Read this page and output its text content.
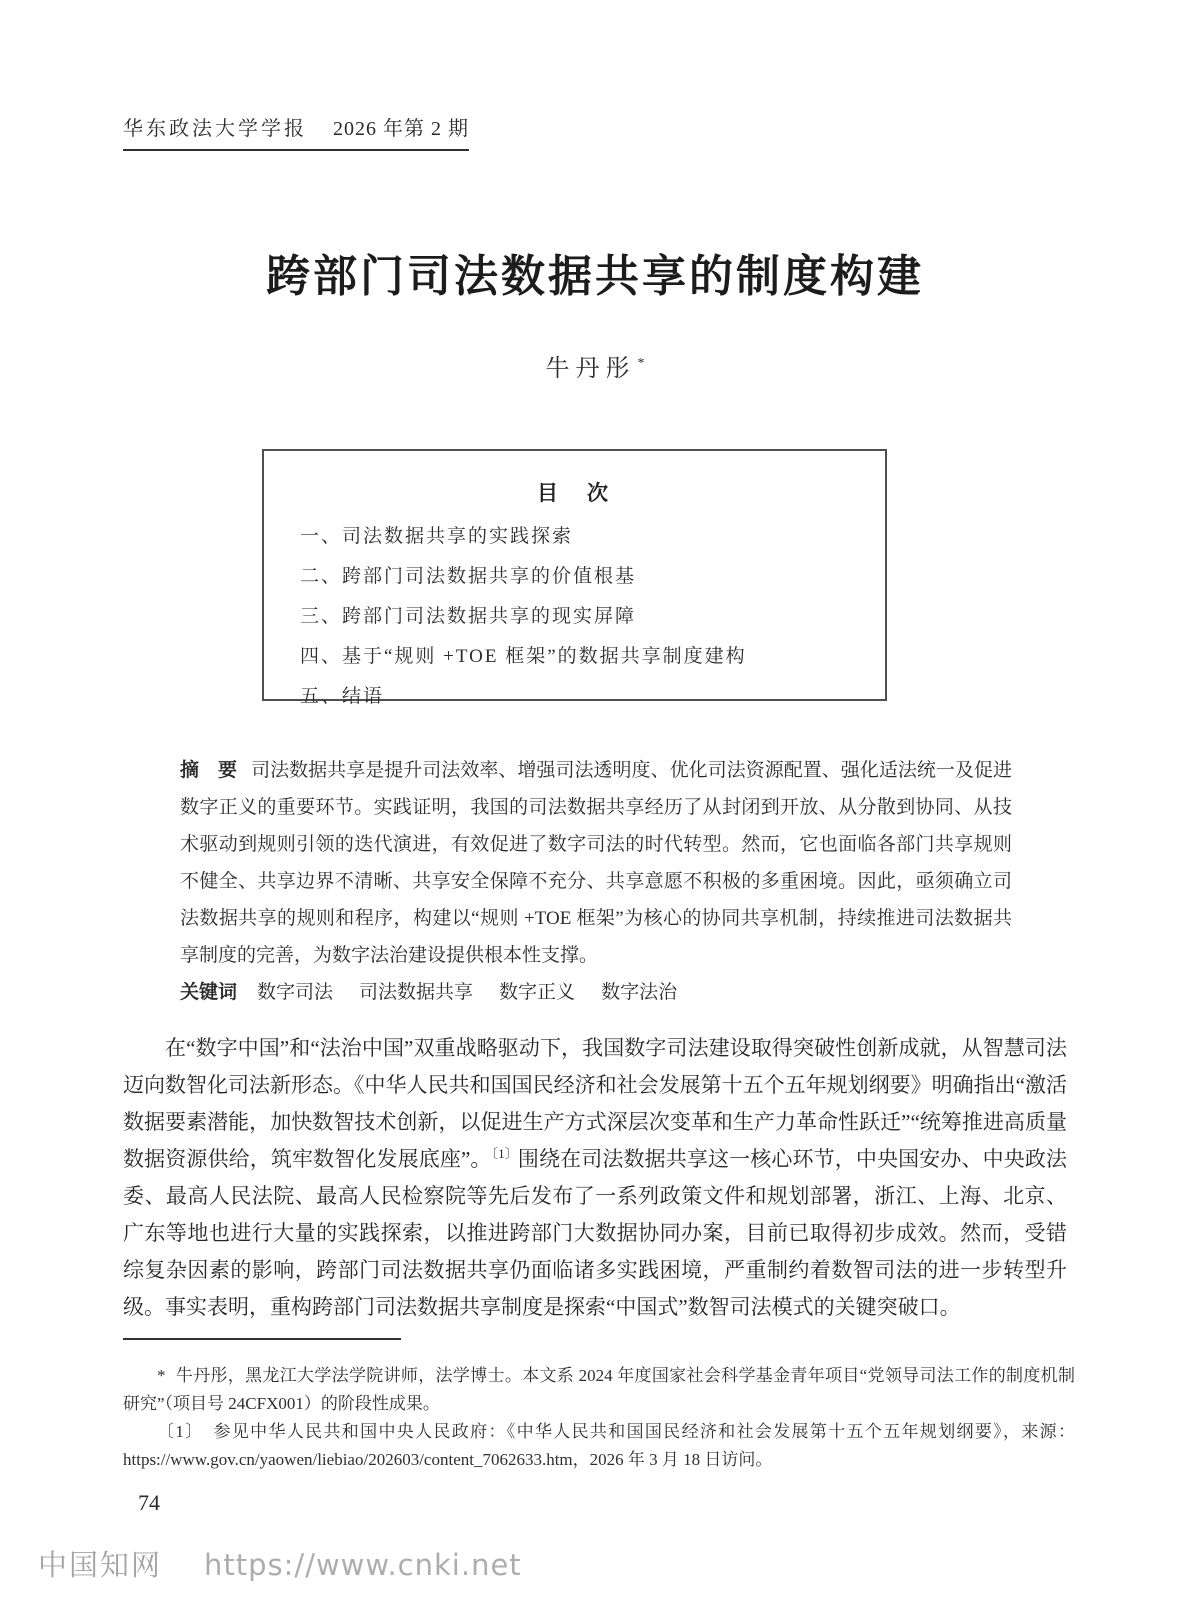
华东政法大学学报 2026 年第 2 期
跨部门司法数据共享的制度构建
牛丹彤 *
目　次
一、司法数据共享的实践探索
二、跨部门司法数据共享的价值根基
三、跨部门司法数据共享的现实屏障
四、基于“规则 +TOE 框架”的数据共享制度建构
五、结语

摘　要 司法数据共享是提升司法效率、增强司法透明度、优化司法资源配置、强化适法统一及促进数字正义的重要环节。实践证明，我国的司法数据共享经历了从封闭到开放、从分散到协同、从技术驱动到规则引领的迭代演进，有效促进了数字司法的时代转型。然而，它也面临各部门共享规则不健全、共享边界不清晰、共享安全保障不充分、共享意愿不积极的多重困境。因此，亟须确立司法数据共享的规则和程序，构建以“规则 +TOE 框架”为核心的协同共享机制，持续推进司法数据共享制度的完善，为数字法治建设提供根本性支撑。

关键词 数字司法 司法数据共享 数字正义 数字法治

在“数字中国”和“法治中国”双重战略驱动下，我国数字司法建设取得突破性创新成就，从智慧司法迈向数智化司法新形态。《中华人民共和国国民经济和社会发展第十五个五年规划纲要》明确指出“激活数据要素潜能，加快数智技术创新，以促进生产方式深层次变革和生产力革命性跃迁”“统筹推进高质量数据资源供给，筑牢数智化发展底座”。$^{〔1〕}$围绕在司法数据共享这一核心环节，中央国安办、中央政法委、最高人民法院、最高人民检察院等先后发布了一系列政策文件和规划部署，浙江、上海、北京、广东等地也进行大量的实践探索，以推进跨部门大数据协同办案，目前已取得初步成效。然而，受错综复杂因素的影响，跨部门司法数据共享仍面临诸多实践困境，严重制约着数智司法的进一步转型升级。事实表明，重构跨部门司法数据共享制度是探索“中国式”数智司法模式的关键突破口。

* 牛丹彤，黑龙江大学法学院讲师，法学博士。本文系 2024 年度国家社会科学基金青年项目“党领导司法工作的制度机制研究”（项目号 24CFX001）的阶段性成果。

〔1〕 参见中华人民共和国中央人民政府：《中华人民共和国国民经济和社会发展第十五个五年规划纲要》，来源：https://www.gov.cn/yaowen/liebiao/202603/content_7062633.htm，2026 年 3 月 18 日访问。

74
中国知网 https://www.cnki.net
